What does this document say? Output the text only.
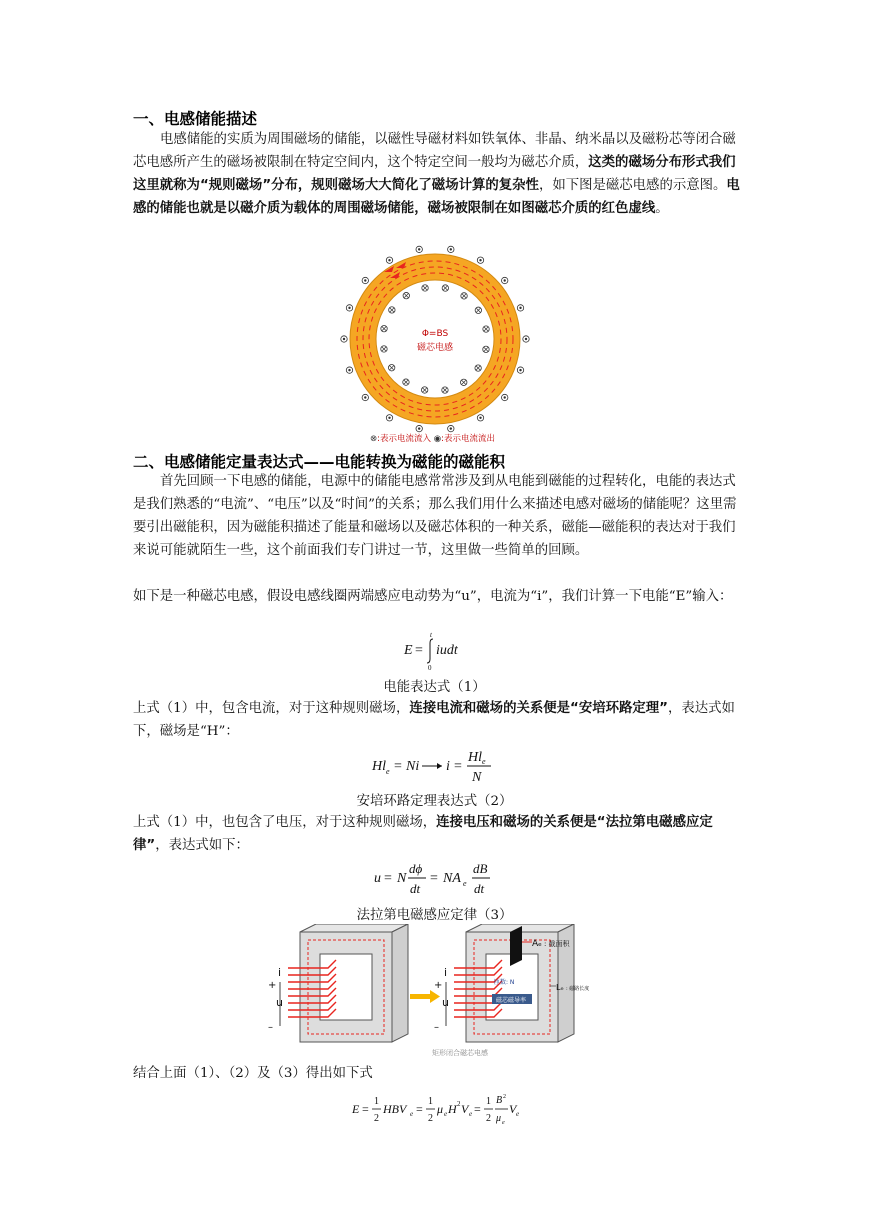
一、电感储能描述

电感储能的实质为周围磁场的储能，以磁性导磁材料如铁氧体、非晶、纳米晶以及磁粉芯等闭合磁芯电感所产生的磁场被限制在特定空间内，这个特定空间一般均为磁芯介质，这类的磁场分布形式我们这里就称为“规则磁场”分布，规则磁场大大简化了磁场计算的复杂性，如下图是磁芯电感的示意图。电感的储能也就是以磁介质为载体的周围磁场储能，磁场被限制在如图磁芯介质的红色虚线。

Φ=BS
磁芯电感
⊗:表示电流流入 ◉:表示电流流出
二、电感储能定量表达式——电能转换为磁能的磁能积

首先回顾一下电感的储能，电源中的储能电感常常涉及到从电能到磁能的过程转化，电能的表达式是我们熟悉的“电流”、“电压”以及“时间”的关系；那么我们用什么来描述电感对磁场的储能呢？这里需要引出磁能积，因为磁能积描述了能量和磁场以及磁芯体积的一种关系，磁能—磁能积的表达对于我们来说可能就陌生一些，这个前面我们专门讲过一节，这里做一些简单的回顾。

如下是一种磁芯电感，假设电感线圈两端感应电动势为“u”，电流为“i”，我们计算一下电能“E”输入：

E =
t
0
iudt

电能表达式（1）

上式（1）中，包含电流，对于这种规则磁场，连接电流和磁场的关系便是“安培环路定理”，表达式如下，磁场是“H”：

Hl e = Ni i =
Hl e
N

安培环路定理表达式（2）

上式（1）中，也包含了电压，对于这种规则磁场，连接电压和磁场的关系便是“法拉第电磁感应定律”，表达式如下：

u = N
dϕ
dt
= NA e
dB
dt

法拉第电磁感应定律（3）

i
+
u
–
磁芯磁导率
匝数: N
i
+
u
–
Aₑ : 截面积
Lₑ : 磁路长度
矩形闭合磁芯电感

结合上面（1）、（2）及（3）得出如下式

E =
1
2
HBV e =
1
2
μ e H 2 V e =
1
2
B 2
μ e
V e
